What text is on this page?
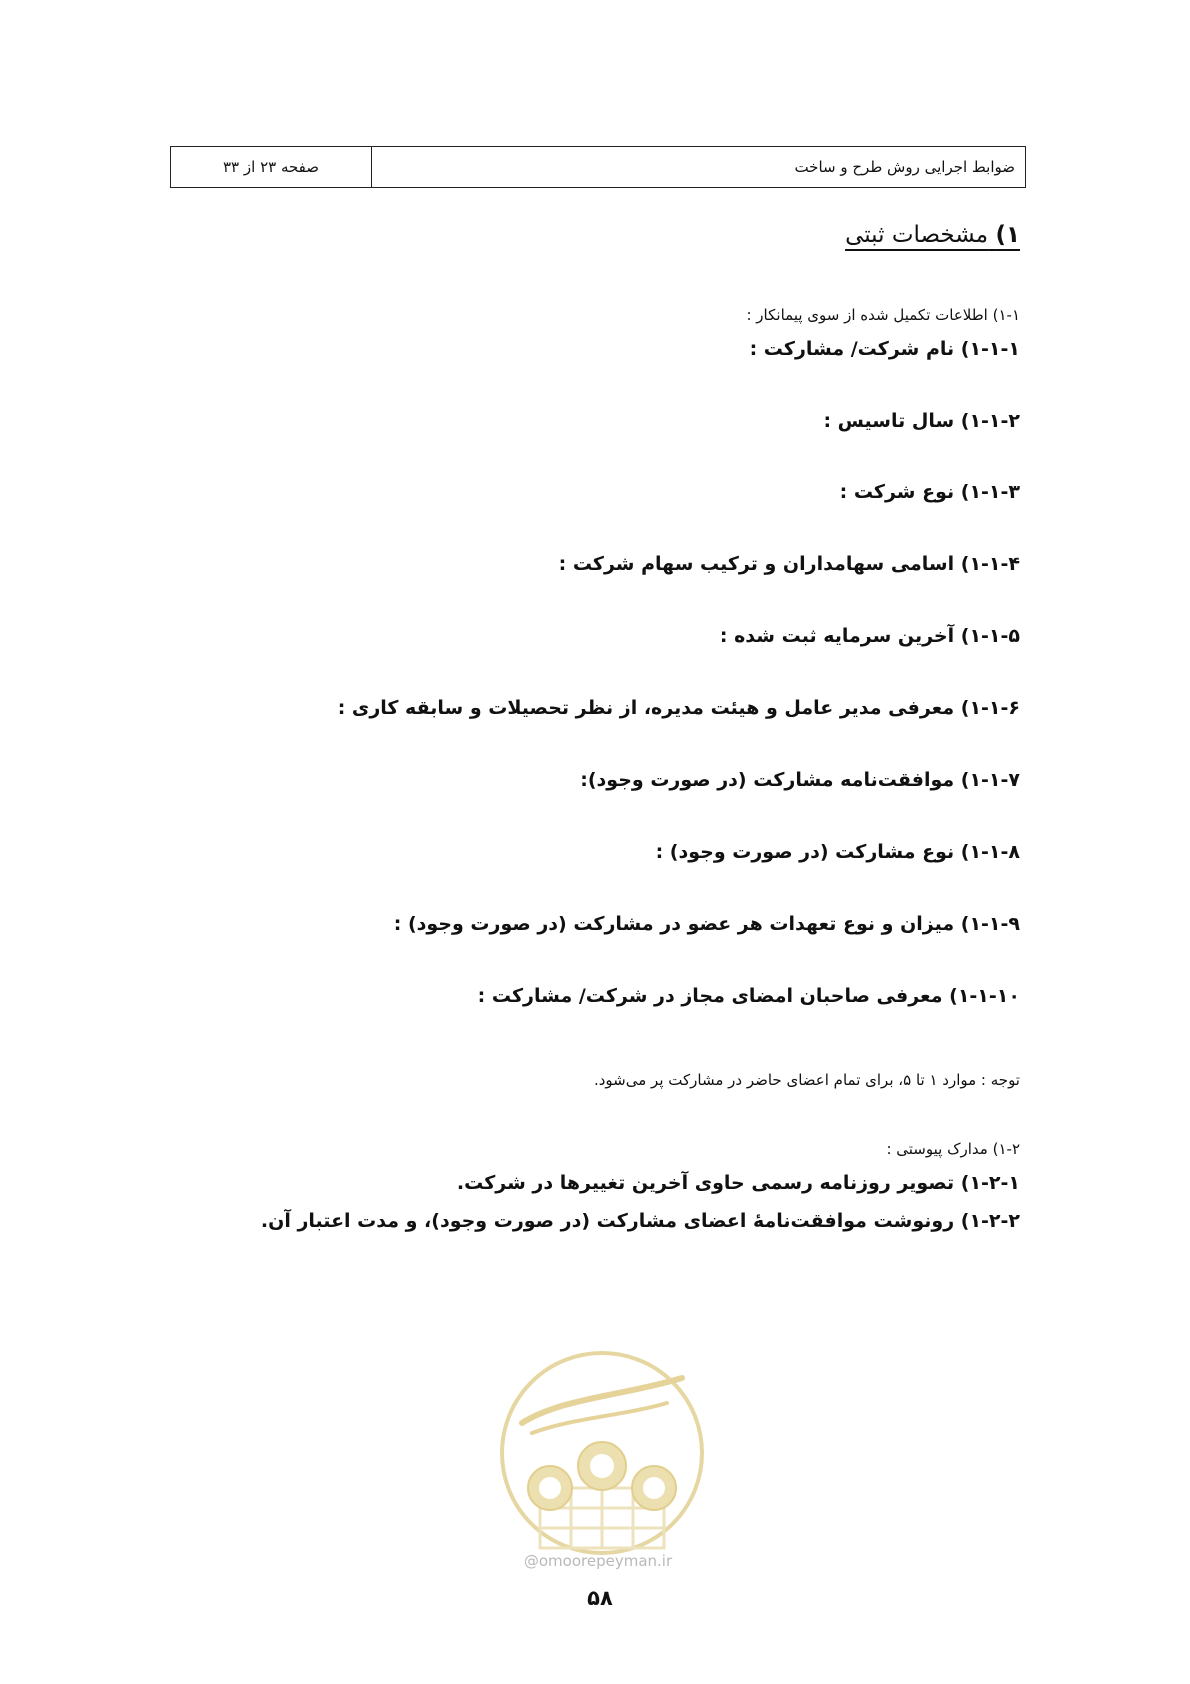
ضوابط اجرایی روش طرح و ساخت
صفحه ۲۳ از ۳۳
۱) مشخصات ثبتی
۱-۱) اطلاعات تکمیل شده از سوی پیمانکار :
۱-۱-۱) نام شرکت/ مشارکت :
۱-۱-۲) سال تاسیس :
۱-۱-۳) نوع شرکت :
۱-۱-۴) اسامی سهامداران و ترکیب سهام شرکت :
۱-۱-۵) آخرین سرمایه ثبت شده :
۱-۱-۶) معرفی مدیر عامل و هیئت مدیره، از نظر تحصیلات و سابقه کاری :
۱-۱-۷) موافقت‌نامه مشارکت (در صورت وجود):
۱-۱-۸) نوع مشارکت (در صورت وجود) :
۱-۱-۹) میزان و نوع تعهدات هر عضو در مشارکت (در صورت وجود) :
۱-۱-۱۰) معرفی صاحبان امضای مجاز در شرکت/ مشارکت :
توجه : موارد ۱ تا ۵، برای تمام اعضای حاضر در مشارکت پر می‌شود.
۱-۲) مدارک پیوستی :
۱-۲-۱) تصویر روزنامه رسمی حاوی آخرین تغییرها در شرکت.
۱-۲-۲) رونوشت موافقت‌نامهٔ اعضای مشارکت (در صورت وجود)، و مدت اعتبار آن.
@omoorepeyman.ir
۵۸
